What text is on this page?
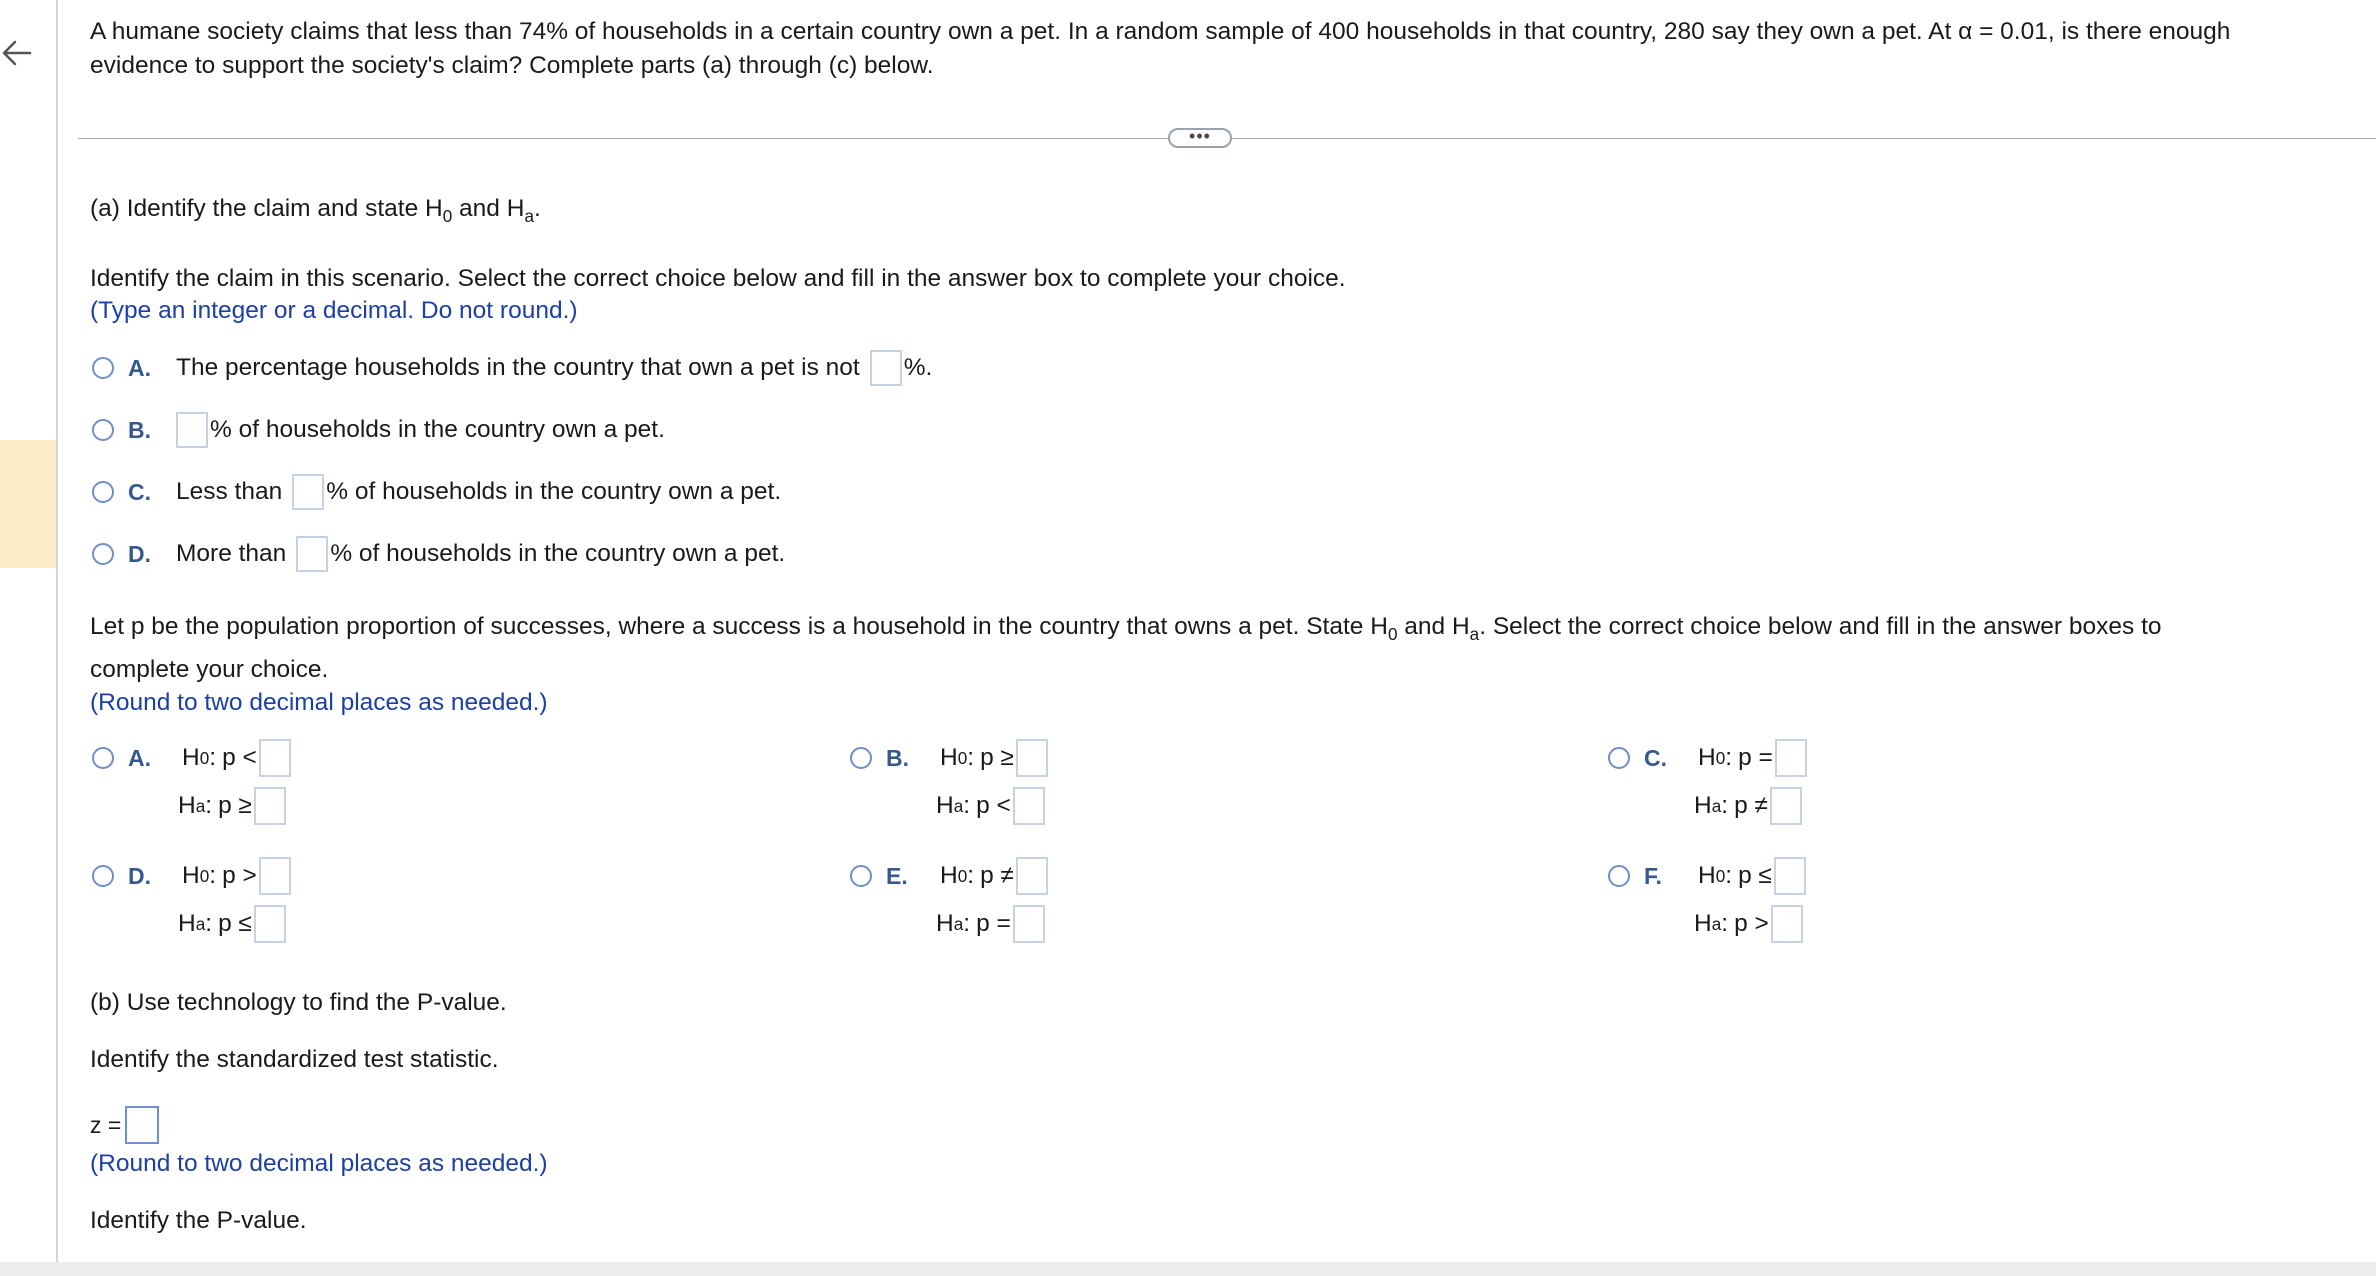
A humane society claims that less than 74% of households in a certain country own a pet. In a random sample of 400 households in that country, 280 say they own a pet. At α = 0.01, is there enough
evidence to support the society's claim? Complete parts (a) through (c) below.
•••
(a) Identify the claim and state $H_0$ and $H_a$.
Identify the claim in this scenario. Select the correct choice below and fill in the answer box to complete your choice.
(Type an integer or a decimal. Do not round.)
A. The percentage households in the country that own a pet is not %.
B. % of households in the country own a pet.
C. Less than % of households in the country own a pet.
D. More than % of households in the country own a pet.
Let p be the population proportion of successes, where a success is a household in the country that owns a pet. State $H_0$ and $H_a$. Select the correct choice below and fill in the answer boxes to
complete your choice.
(Round to two decimal places as needed.)
A. H 0 : p <
H a : p ≥
B. H 0 : p ≥
H a : p <
C. H 0 : p =
H a : p ≠
D. H 0 : p >
H a : p ≤
E. H 0 : p ≠
H a : p =
F.	H 0 : p ≤
H a : p >
(b) Use technology to find the P-value.
Identify the standardized test statistic.
z =
(Round to two decimal places as needed.)
Identify the P-value.
